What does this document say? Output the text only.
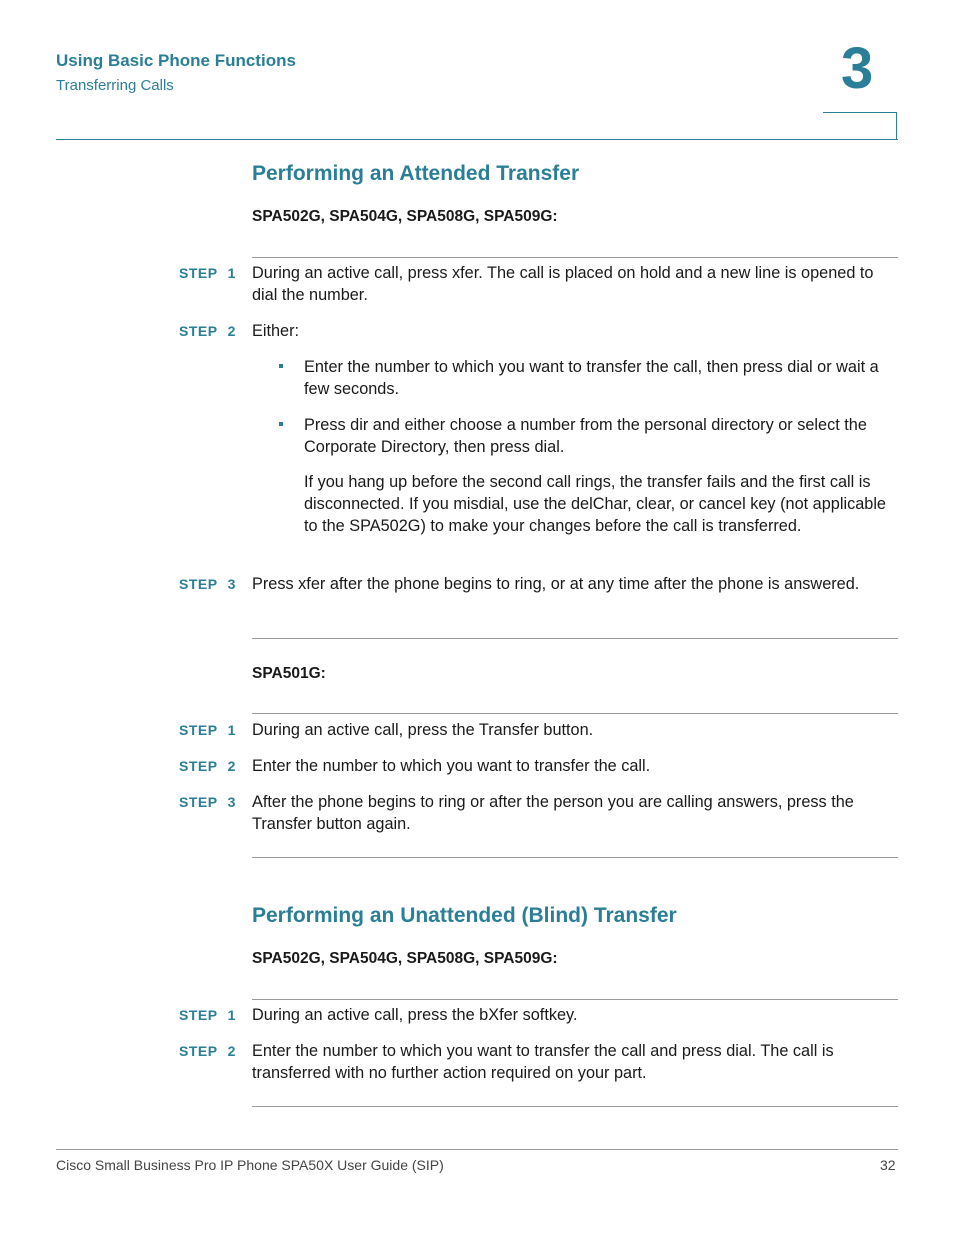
Using Basic Phone Functions
Transferring Calls	3
Performing an Attended Transfer
SPA502G, SPA504G, SPA508G, SPA509G:
STEP 1 During an active call, press xfer. The call is placed on hold and a new line is opened to dial the number.
STEP 2 Either:
Enter the number to which you want to transfer the call, then press dial or wait a few seconds.
Press dir and either choose a number from the personal directory or select the Corporate Directory, then press dial.
If you hang up before the second call rings, the transfer fails and the first call is disconnected. If you misdial, use the delChar, clear, or cancel key (not applicable to the SPA502G) to make your changes before the call is transferred.
STEP 3 Press xfer after the phone begins to ring, or at any time after the phone is answered.
SPA501G:
STEP 1 During an active call, press the Transfer button.
STEP 2 Enter the number to which you want to transfer the call.
STEP 3 After the phone begins to ring or after the person you are calling answers, press the Transfer button again.
Performing an Unattended (Blind) Transfer
SPA502G, SPA504G, SPA508G, SPA509G:
STEP 1 During an active call, press the bXfer softkey.
STEP 2 Enter the number to which you want to transfer the call and press dial. The call is transferred with no further action required on your part.
Cisco Small Business Pro IP Phone SPA50X User Guide (SIP)	32
